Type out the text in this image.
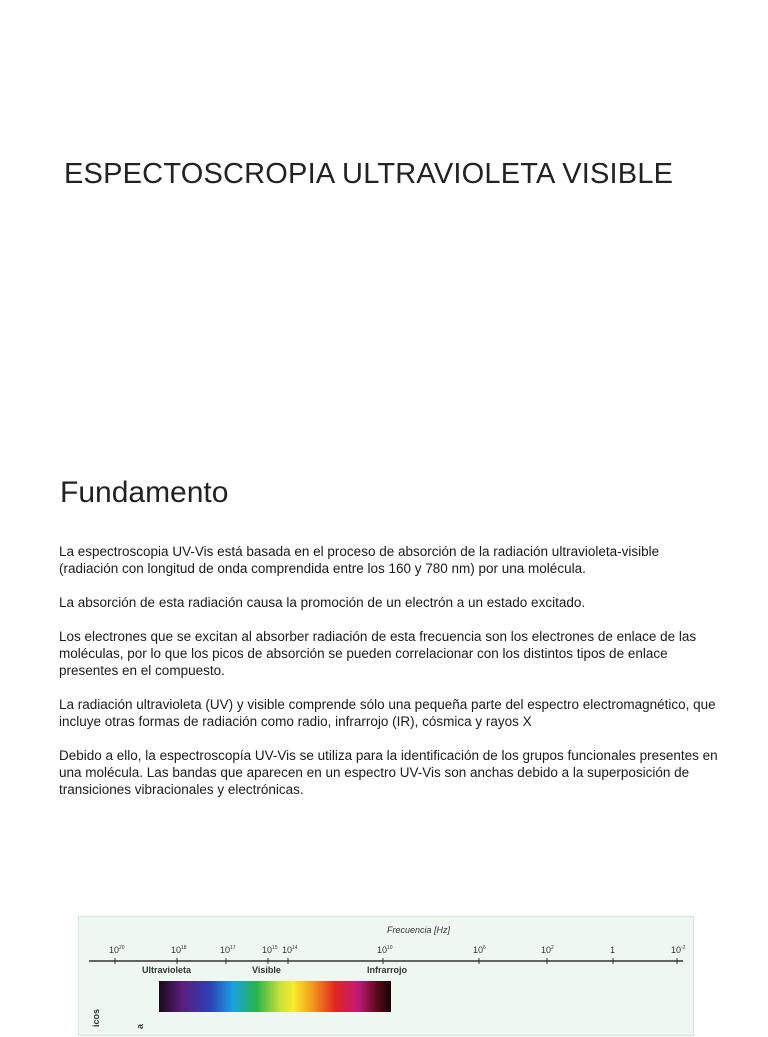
ESPECTOSCROPIA ULTRAVIOLETA VISIBLE
Fundamento

La espectroscopia UV-Vis está basada en el proceso de absorción de la radiación ultravioleta-visible (radiación con longitud de onda comprendida entre los 160 y 780 nm) por una molécula.

La absorción de esta radiación causa la promoción de un electrón a un estado excitado.

Los electrones que se excitan al absorber radiación de esta frecuencia son los electrones de enlace de las moléculas, por lo que los picos de absorción se pueden correlacionar con los distintos tipos de enlace presentes en el compuesto.

La radiación ultravioleta (UV) y visible comprende sólo una pequeña parte del espectro electromagnético, que incluye otras formas de radiación como radio, infrarrojo (IR), cósmica y rayos X

Debido a ello, la espectroscopía UV-Vis se utiliza para la identificación de los grupos funcionales presentes en una molécula. Las bandas que aparecen en un espectro UV-Vis son anchas debido a la superposición de transiciones vibracionales y electrónicas.

Frecuencia [Hz]
$10^{20}$	$10^{18}$	$10^{17}$	$10^{15}$ $10^{14}$	$10^{10}$	$10^6$	$10^2$	1	$10^{-2}$
Ultravioleta	Visible	Infrarrojo
icos	a
